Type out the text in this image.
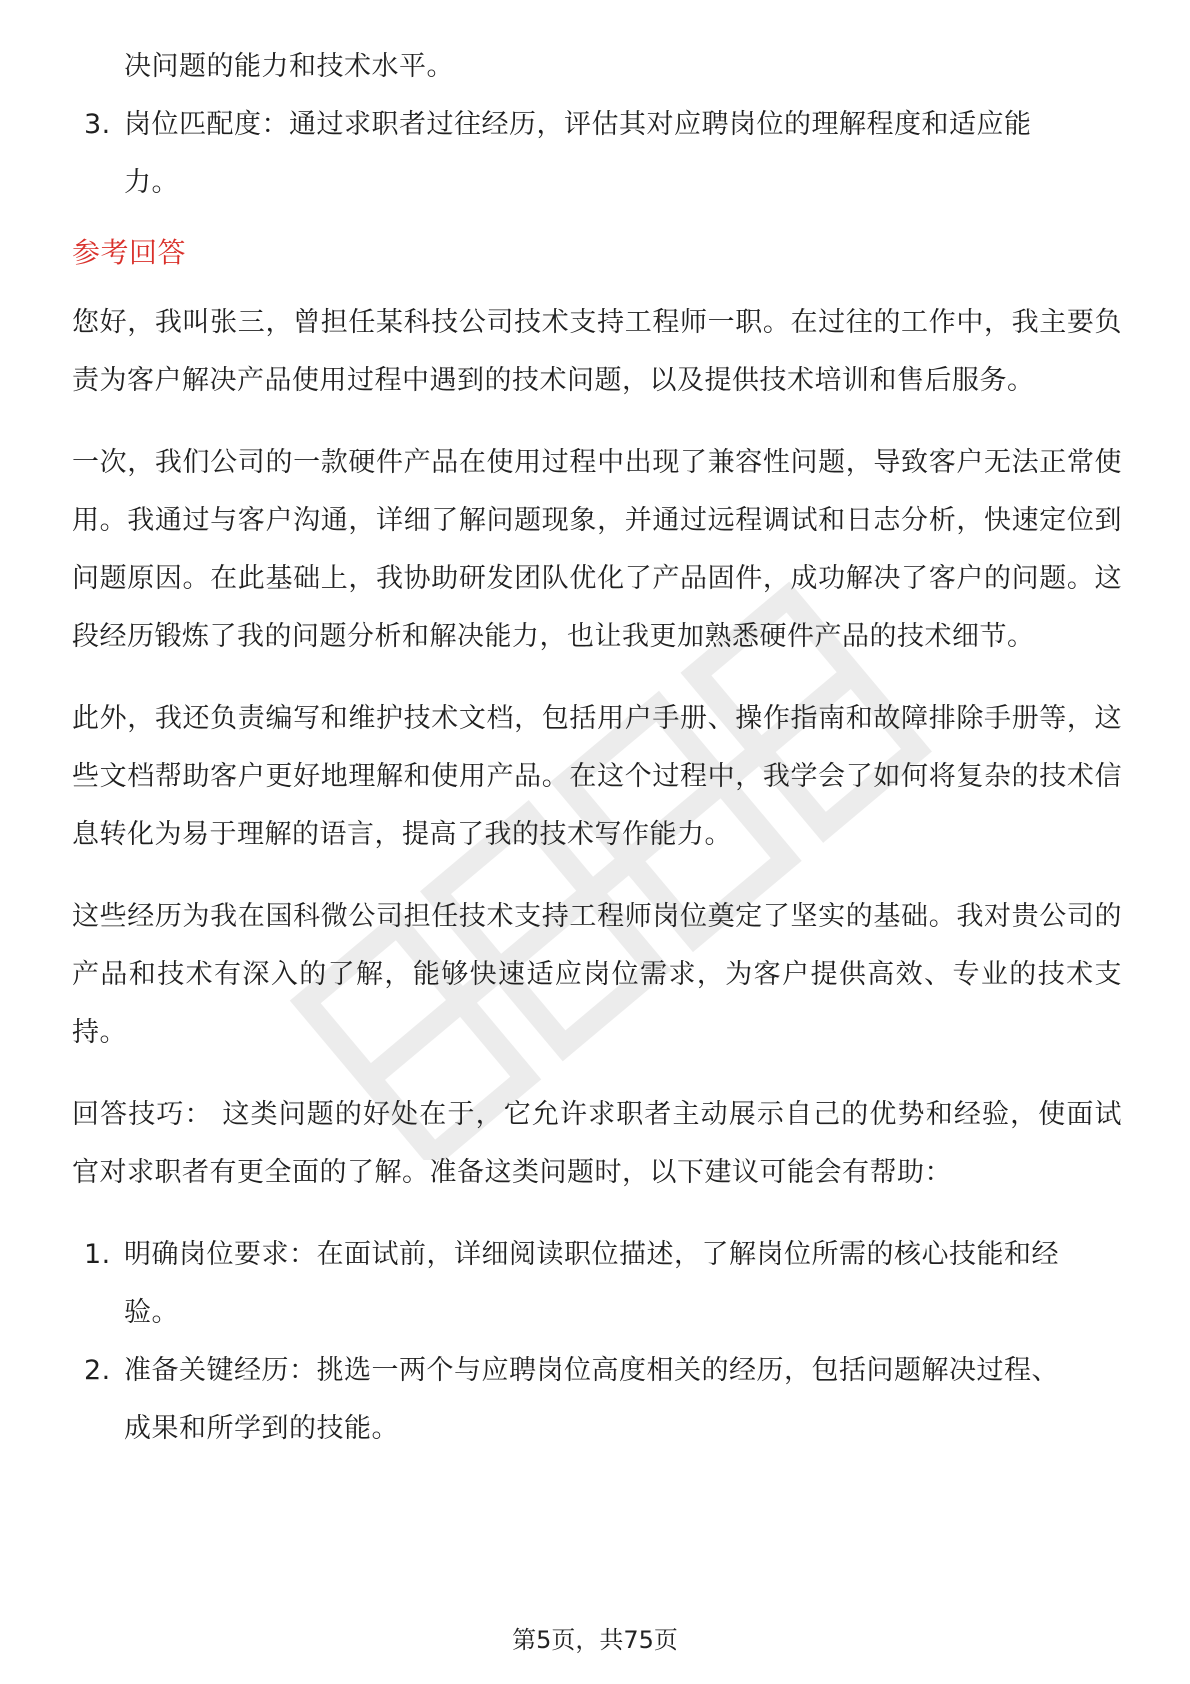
决问题的能力和技术水平。
3. 岗位匹配度：通过求职者过往经历，评估其对应聘岗位的理解程度和适应能
力。
参考回答

您好，我叫张三，曾担任某科技公司技术支持工程师一职。在过往的工作中，我主要负责为客户解决产品使用过程中遇到的技术问题，以及提供技术培训和售后服务。

一次，我们公司的一款硬件产品在使用过程中出现了兼容性问题，导致客户无法正常使用。我通过与客户沟通，详细了解问题现象，并通过远程调试和日志分析，快速定位到问题原因。在此基础上，我协助研发团队优化了产品固件，成功解决了客户的问题。这段经历锻炼了我的问题分析和解决能力，也让我更加熟悉硬件产品的技术细节。

此外，我还负责编写和维护技术文档，包括用户手册、操作指南和故障排除手册等，这些文档帮助客户更好地理解和使用产品。在这个过程中，我学会了如何将复杂的技术信息转化为易于理解的语言，提高了我的技术写作能力。

这些经历为我在国科微公司担任技术支持工程师岗位奠定了坚实的基础。我对贵公司的产品和技术有深入的了解，能够快速适应岗位需求，为客户提供高效、专业的技术支持。

回答技巧： 这类问题的好处在于，它允许求职者主动展示自己的优势和经验，使面试官对求职者有更全面的了解。准备这类问题时，以下建议可能会有帮助：

1. 明确岗位要求：在面试前，详细阅读职位描述，了解岗位所需的核心技能和经
验。
2. 准备关键经历：挑选一两个与应聘岗位高度相关的经历，包括问题解决过程、
成果和所学到的技能。
第5页，共75页
